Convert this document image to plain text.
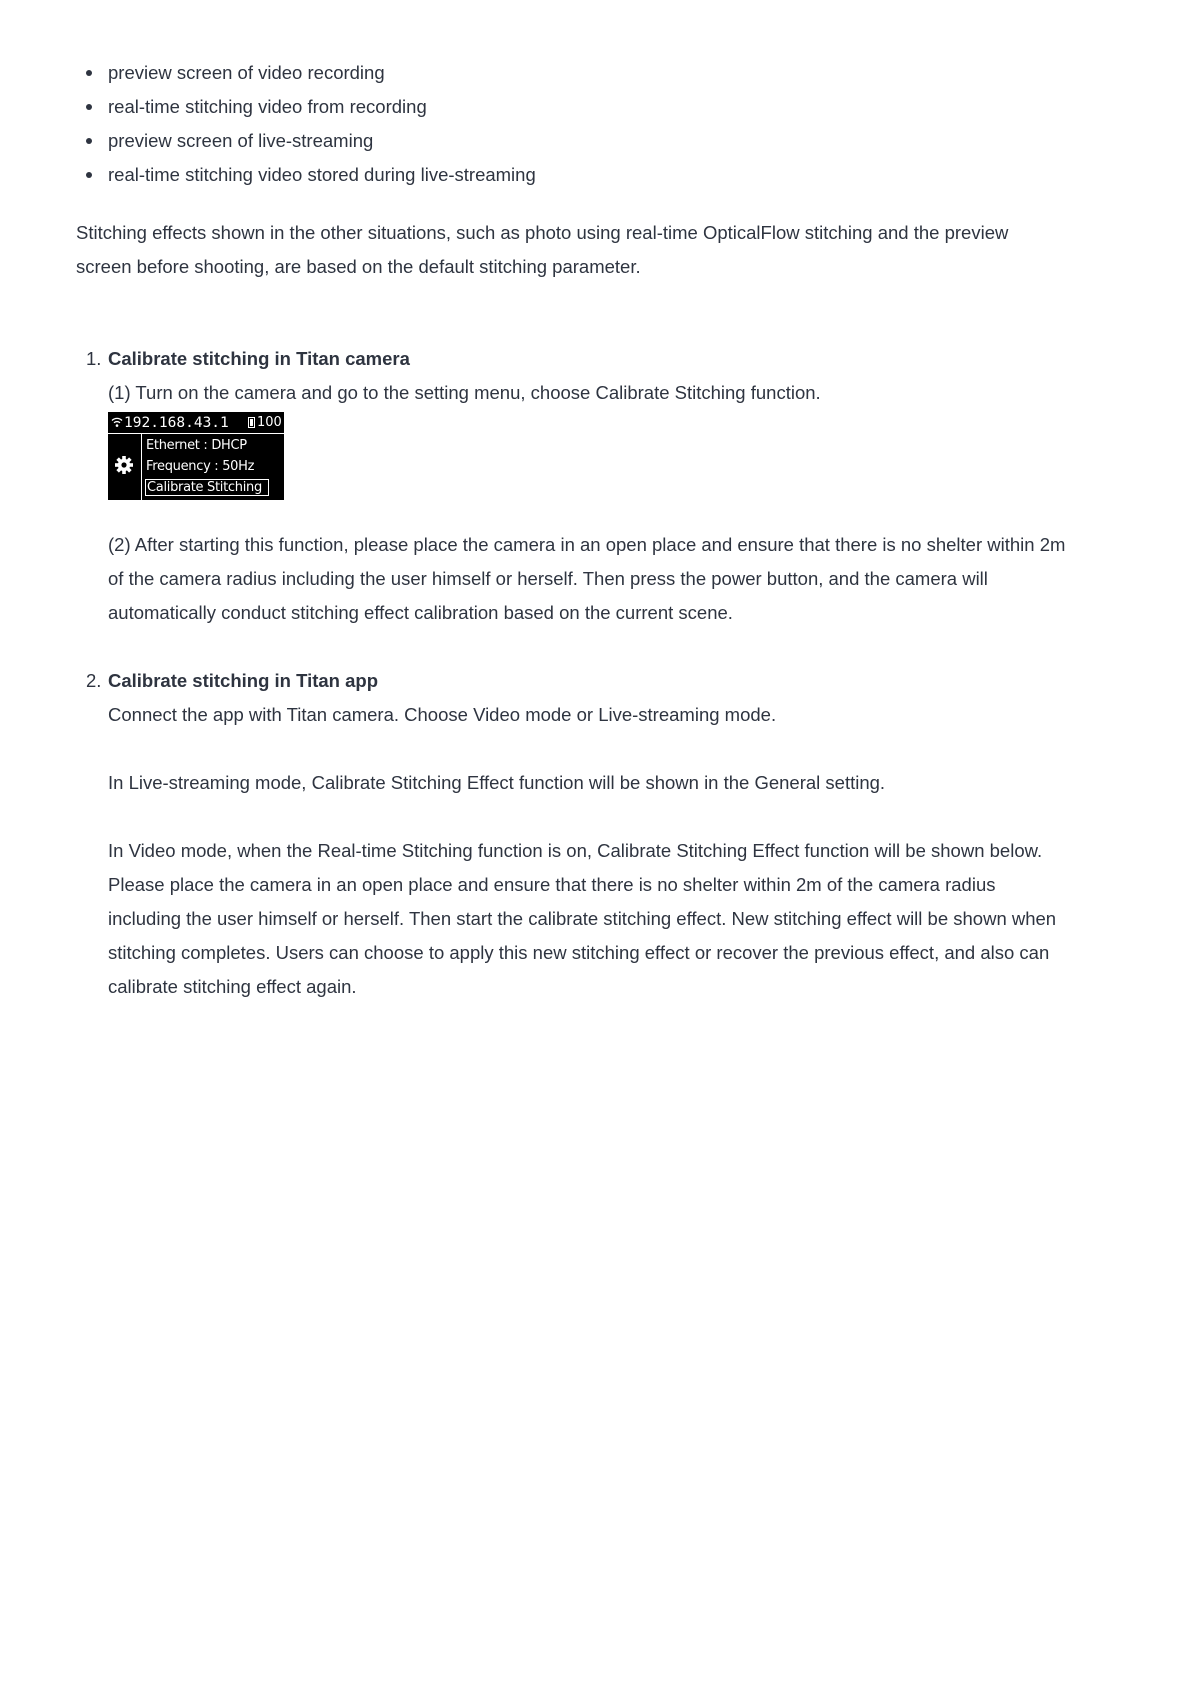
preview screen of video recording
real-time stitching video from recording
preview screen of live-streaming
real-time stitching video stored during live-streaming
Stitching effects shown in the other situations, such as photo using real-time OpticalFlow stitching and the preview
screen before shooting, are based on the default stitching parameter.
1. Calibrate stitching in Titan camera
(1) Turn on the camera and go to the setting menu, choose Calibrate Stitching function.
192.168.43.1 100
Ethernet : DHCP
Frequency : 50Hz
Calibrate Stitching
(2) After starting this function, please place the camera in an open place and ensure that there is no shelter within 2m
of the camera radius including the user himself or herself. Then press the power button, and the camera will
automatically conduct stitching effect calibration based on the current scene.
2. Calibrate stitching in Titan app
Connect the app with Titan camera. Choose Video mode or Live-streaming mode.
In Live-streaming mode, Calibrate Stitching Effect function will be shown in the General setting.
In Video mode, when the Real-time Stitching function is on, Calibrate Stitching Effect function will be shown below.
Please place the camera in an open place and ensure that there is no shelter within 2m of the camera radius
including the user himself or herself. Then start the calibrate stitching effect. New stitching effect will be shown when
stitching completes. Users can choose to apply this new stitching effect or recover the previous effect, and also can
calibrate stitching effect again.
